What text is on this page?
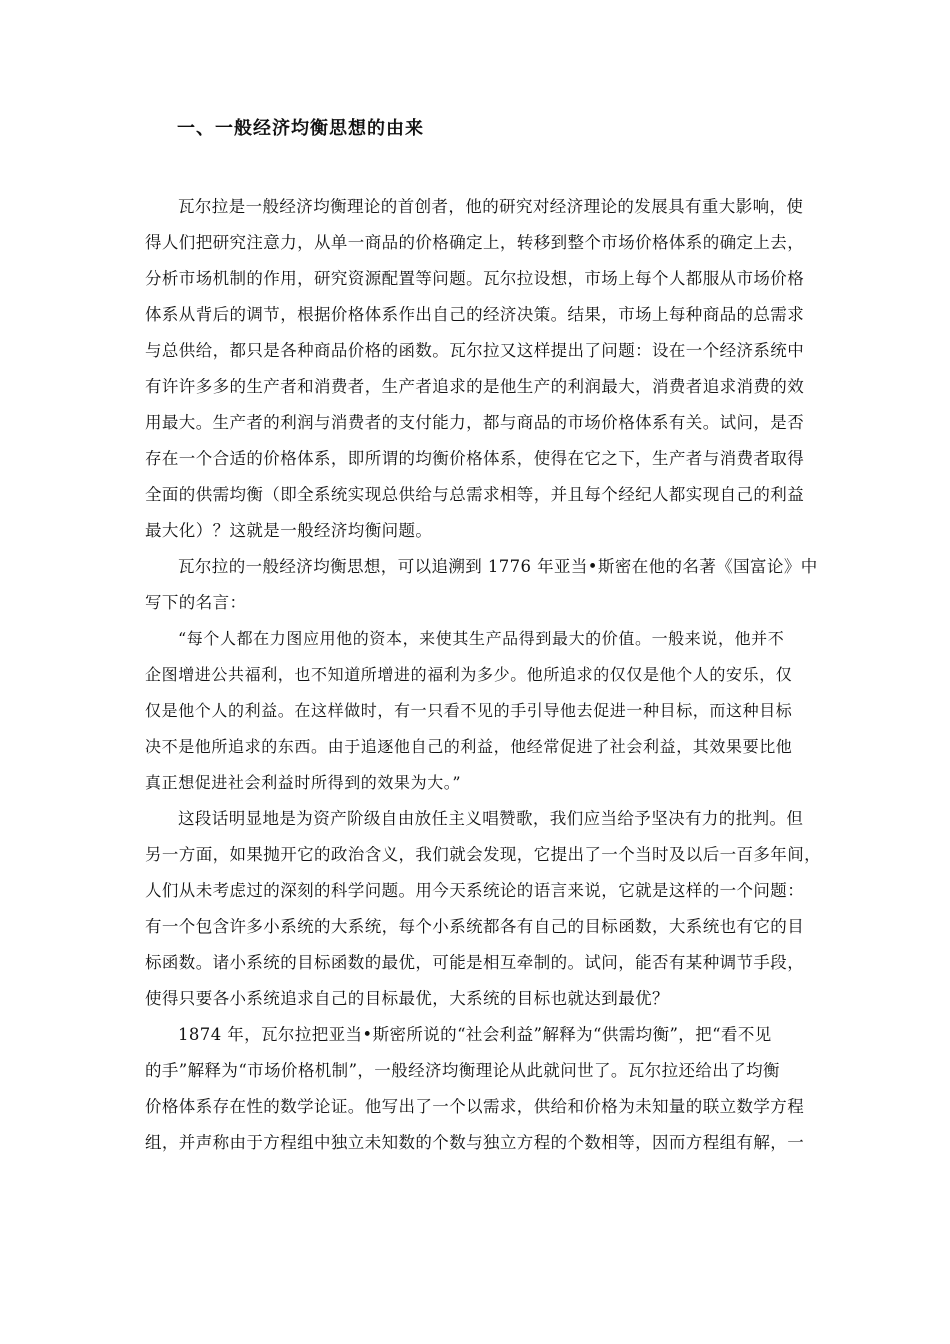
一、一般经济均衡思想的由来
瓦尔拉是一般经济均衡理论的首创者，他的研究对经济理论的发展具有重大影响，使
得人们把研究注意力，从单一商品的价格确定上，转移到整个市场价格体系的确定上去，
分析市场机制的作用，研究资源配置等问题。瓦尔拉设想，市场上每个人都服从市场价格
体系从背后的调节，根据价格体系作出自己的经济决策。结果，市场上每种商品的总需求
与总供给，都只是各种商品价格的函数。瓦尔拉又这样提出了问题：设在一个经济系统中
有许许多多的生产者和消费者，生产者追求的是他生产的利润最大，消费者追求消费的效
用最大。生产者的利润与消费者的支付能力，都与商品的市场价格体系有关。试问，是否
存在一个合适的价格体系，即所谓的均衡价格体系，使得在它之下，生产者与消费者取得
全面的供需均衡（即全系统实现总供给与总需求相等，并且每个经纪人都实现自己的利益
最大化）？这就是一般经济均衡问题。
瓦尔拉的一般经济均衡思想，可以追溯到 1776 年亚当•斯密在他的名著《国富论》中
写下的名言：
“每个人都在力图应用他的资本，来使其生产品得到最大的价值。一般来说，他并不
企图增进公共福利，也不知道所增进的福利为多少。他所追求的仅仅是他个人的安乐，仅
仅是他个人的利益。在这样做时，有一只看不见的手引导他去促进一种目标，而这种目标
决不是他所追求的东西。由于追逐他自己的利益，他经常促进了社会利益，其效果要比他
真正想促进社会利益时所得到的效果为大。”
这段话明显地是为资产阶级自由放任主义唱赞歌，我们应当给予坚决有力的批判。但
另一方面，如果抛开它的政治含义，我们就会发现，它提出了一个当时及以后一百多年间，
人们从未考虑过的深刻的科学问题。用今天系统论的语言来说，它就是这样的一个问题：
有一个包含许多小系统的大系统，每个小系统都各有自己的目标函数，大系统也有它的目
标函数。诸小系统的目标函数的最优，可能是相互牵制的。试问，能否有某种调节手段，
使得只要各小系统追求自己的目标最优，大系统的目标也就达到最优？
1874 年，瓦尔拉把亚当•斯密所说的“社会利益”解释为“供需均衡”，把“看不见
的手”解释为“市场价格机制”，一般经济均衡理论从此就问世了。瓦尔拉还给出了均衡
价格体系存在性的数学论证。他写出了一个以需求，供给和价格为未知量的联立数学方程
组，并声称由于方程组中独立未知数的个数与独立方程的个数相等，因而方程组有解，一
